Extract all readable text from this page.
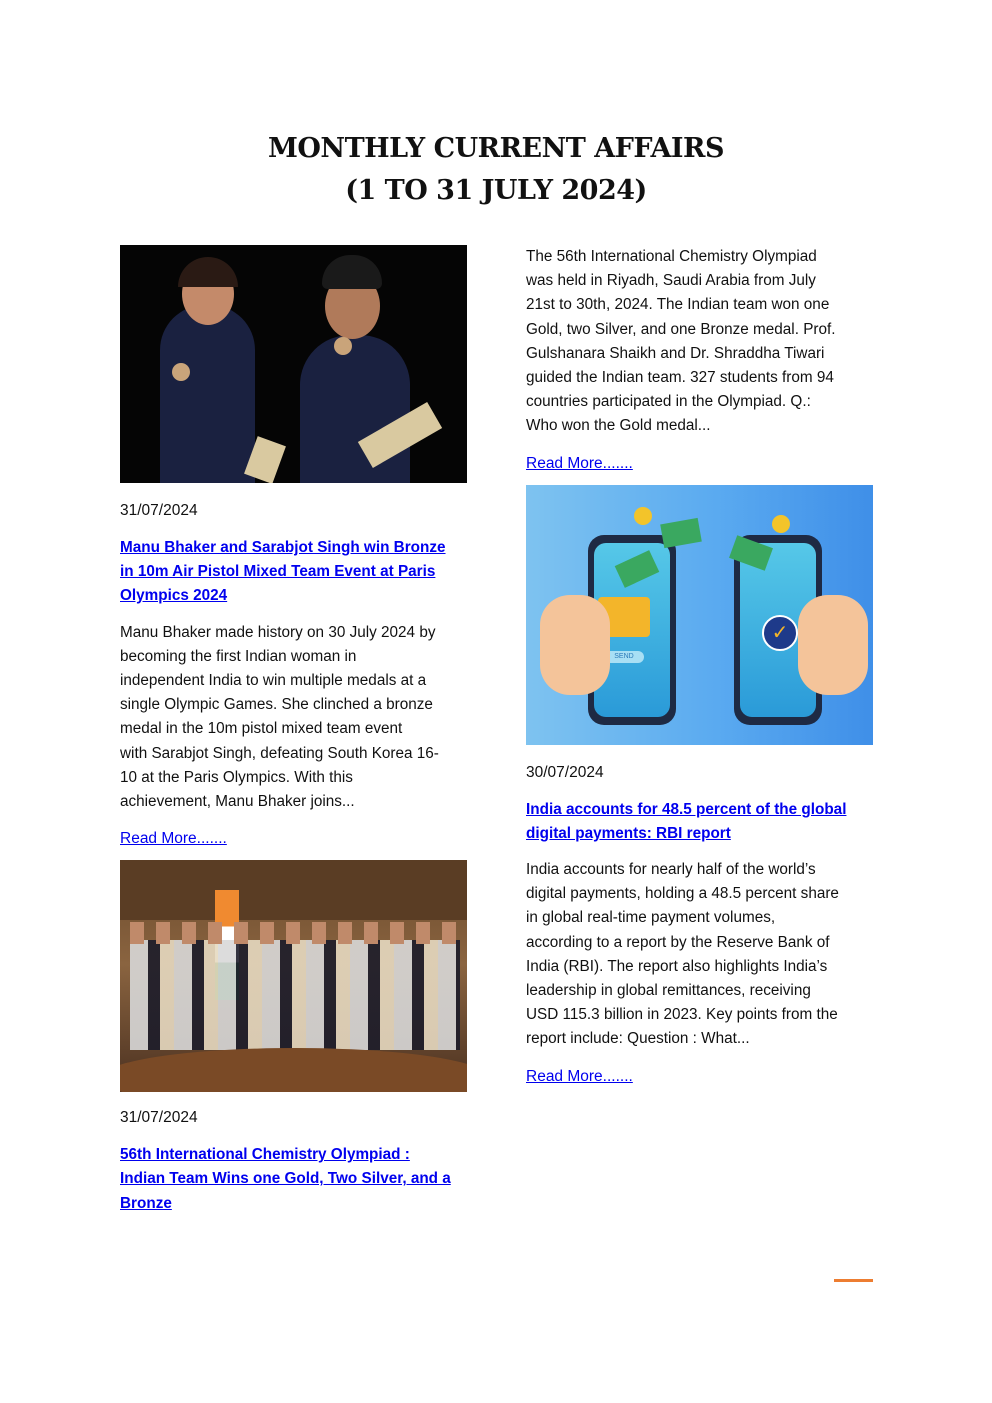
MONTHLY CURRENT AFFAIRS
(1 TO 31 JULY 2024)
31/07/2024
Manu Bhaker and Sarabjot Singh win Bronze
in 10m Air Pistol Mixed Team Event at Paris
Olympics 2024
Manu Bhaker made history on 30 July 2024 by
becoming the first Indian woman in
independent India to win multiple medals at a
single Olympic Games. She clinched a bronze
medal in the 10m pistol mixed team event
with Sarabjot Singh, defeating South Korea 16-
10 at the Paris Olympics. With this
achievement, Manu Bhaker joins...
Read More.......
31/07/2024
56th International Chemistry Olympiad :
Indian Team Wins one Gold, Two Silver, and a
Bronze
The 56th International Chemistry Olympiad
was held in Riyadh, Saudi Arabia from July
21st to 30th, 2024. The Indian team won one
Gold, two Silver, and one Bronze medal. Prof.
Gulshanara Shaikh and Dr. Shraddha Tiwari
guided the Indian team. 327 students from 94
countries participated in the Olympiad. Q.:
Who won the Gold medal...
Read More.......
SEND
✓
30/07/2024
India accounts for 48.5 percent of the global
digital payments: RBI report
India accounts for nearly half of the world’s
digital payments, holding a 48.5 percent share
in global real-time payment volumes,
according to a report by the Reserve Bank of
India (RBI). The report also highlights India’s
leadership in global remittances, receiving
USD 115.3 billion in 2023. Key points from the
report include: Question : What...
Read More.......
